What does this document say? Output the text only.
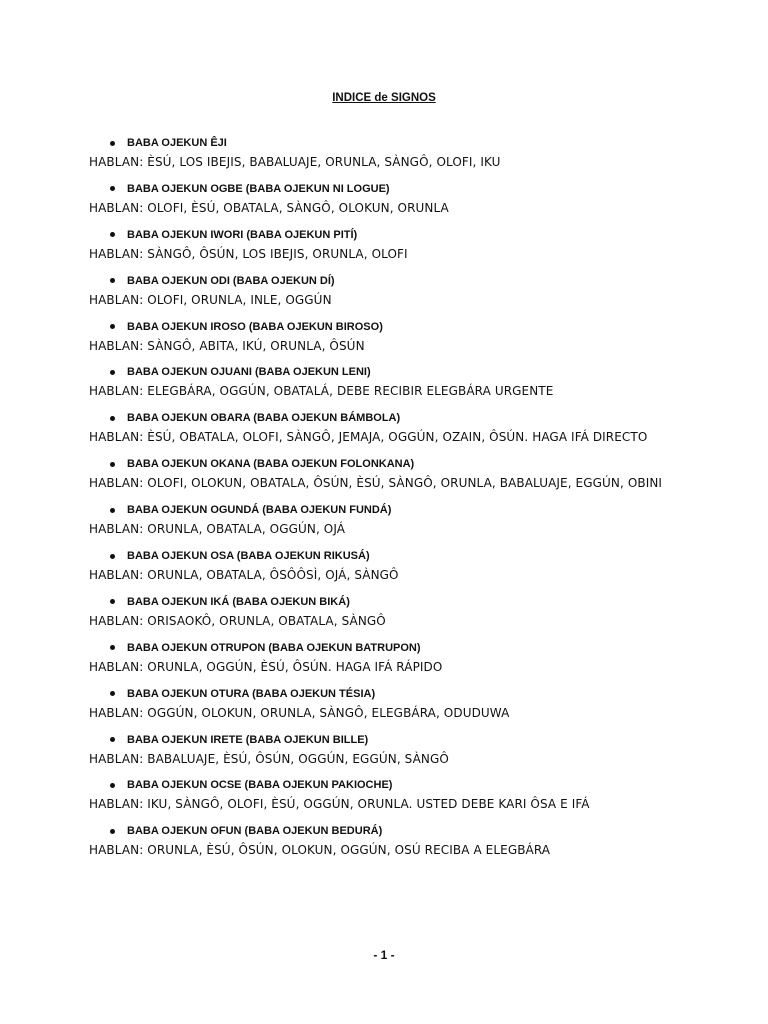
INDICE de SIGNOS
BABA OJEKUN ÊJI
HABLAN: ÈSÚ, LOS IBEJIS, BABALUAJE, ORUNLA, SÀNGÔ, OLOFI, IKU
BABA OJEKUN OGBE (BABA OJEKUN NI LOGUE)
HABLAN: OLOFI, ÈSÚ, OBATALA, SÀNGÔ, OLOKUN, ORUNLA
BABA OJEKUN IWORI (BABA OJEKUN PITÍ)
HABLAN: SÀNGÔ, ÔSÚN, LOS IBEJIS, ORUNLA, OLOFI
BABA OJEKUN ODI (BABA OJEKUN DÍ)
HABLAN: OLOFI, ORUNLA, INLE, OGGÚN
BABA OJEKUN IROSO (BABA OJEKUN BIROSO)
HABLAN: SÀNGÔ, ABITA, IKÚ, ORUNLA, ÔSÚN
BABA OJEKUN OJUANI (BABA OJEKUN LENI)
HABLAN: ELEGBÁRA, OGGÚN, OBATALÁ, DEBE RECIBIR ELEGBÁRA URGENTE
BABA OJEKUN OBARA (BABA OJEKUN BÁMBOLA)
HABLAN: ÈSÚ, OBATALA, OLOFI, SÀNGÔ, JEMAJA, OGGÚN, OZAIN, ÔSÚN. HAGA IFÁ DIRECTO
BABA OJEKUN OKANA (BABA OJEKUN FOLONKANA)
HABLAN: OLOFI, OLOKUN, OBATALA, ÔSÚN, ÈSÚ, SÀNGÔ, ORUNLA, BABALUAJE, EGGÚN, OBINI
BABA OJEKUN OGUNDÁ (BABA OJEKUN FUNDÁ)
HABLAN: ORUNLA, OBATALA, OGGÚN, OJÁ
BABA OJEKUN OSA (BABA OJEKUN RIKUSÁ)
HABLAN: ORUNLA, OBATALA, ÔSÔÔSÌ, OJÁ, SÀNGÔ
BABA OJEKUN IKÁ (BABA OJEKUN BIKÁ)
HABLAN: ORISAOKÔ, ORUNLA, OBATALA, SÀNGÔ
BABA OJEKUN OTRUPON (BABA OJEKUN BATRUPON)
HABLAN: ORUNLA, OGGÚN, ÈSÚ, ÔSÚN. HAGA IFÁ RÁPIDO
BABA OJEKUN OTURA (BABA OJEKUN TÉSIA)
HABLAN: OGGÚN, OLOKUN, ORUNLA, SÀNGÔ, ELEGBÁRA, ODUDUWA
BABA OJEKUN IRETE (BABA OJEKUN BILLE)
HABLAN: BABALUAJE, ÈSÚ, ÔSÚN, OGGÚN, EGGÚN, SÀNGÔ
BABA OJEKUN OCSE (BABA OJEKUN PAKIOCHE)
HABLAN: IKU, SÀNGÔ, OLOFI, ÈSÚ, OGGÚN, ORUNLA. USTED DEBE KARI ÔSA E IFÁ
BABA OJEKUN OFUN (BABA OJEKUN BEDURÁ)
HABLAN: ORUNLA, ÈSÚ, ÔSÚN, OLOKUN, OGGÚN, OSÚ RECIBA A ELEGBÁRA
- 1 -
